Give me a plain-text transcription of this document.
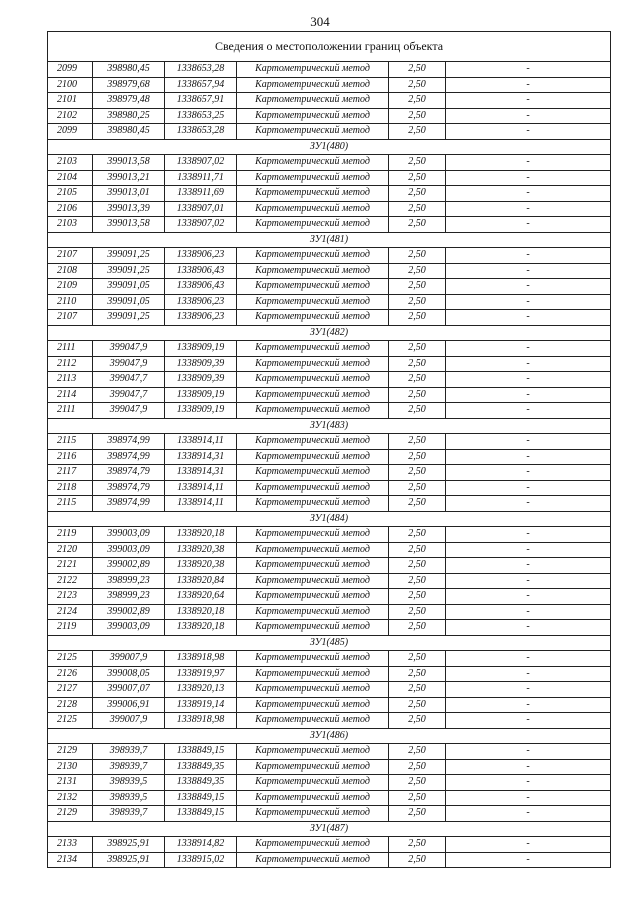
304
Сведения о местоположении границ объекта					
2099	398980,45	1338653,28	Картометрический метод	2,50	-
2100	398979,68	1338657,94	Картометрический метод	2,50	-
2101	398979,48	1338657,91	Картометрический метод	2,50	-
2102	398980,25	1338653,25	Картометрический метод	2,50	-
2099	398980,45	1338653,28	Картометрический метод	2,50	-
ЗУ1(480)					
2103	399013,58	1338907,02	Картометрический метод	2,50	-
2104	399013,21	1338911,71	Картометрический метод	2,50	-
2105	399013,01	1338911,69	Картометрический метод	2,50	-
2106	399013,39	1338907,01	Картометрический метод	2,50	-
2103	399013,58	1338907,02	Картометрический метод	2,50	-
ЗУ1(481)					
2107	399091,25	1338906,23	Картометрический метод	2,50	-
2108	399091,25	1338906,43	Картометрический метод	2,50	-
2109	399091,05	1338906,43	Картометрический метод	2,50	-
2110	399091,05	1338906,23	Картометрический метод	2,50	-
2107	399091,25	1338906,23	Картометрический метод	2,50	-
ЗУ1(482)					
2111	399047,9	1338909,19	Картометрический метод	2,50	-
2112	399047,9	1338909,39	Картометрический метод	2,50	-
2113	399047,7	1338909,39	Картометрический метод	2,50	-
2114	399047,7	1338909,19	Картометрический метод	2,50	-
2111	399047,9	1338909,19	Картометрический метод	2,50	-
ЗУ1(483)					
2115	398974,99	1338914,11	Картометрический метод	2,50	-
2116	398974,99	1338914,31	Картометрический метод	2,50	-
2117	398974,79	1338914,31	Картометрический метод	2,50	-
2118	398974,79	1338914,11	Картометрический метод	2,50	-
2115	398974,99	1338914,11	Картометрический метод	2,50	-
ЗУ1(484)					
2119	399003,09	1338920,18	Картометрический метод	2,50	-
2120	399003,09	1338920,38	Картометрический метод	2,50	-
2121	399002,89	1338920,38	Картометрический метод	2,50	-
2122	398999,23	1338920,84	Картометрический метод	2,50	-
2123	398999,23	1338920,64	Картометрический метод	2,50	-
2124	399002,89	1338920,18	Картометрический метод	2,50	-
2119	399003,09	1338920,18	Картометрический метод	2,50	-
ЗУ1(485)					
2125	399007,9	1338918,98	Картометрический метод	2,50	-
2126	399008,05	1338919,97	Картометрический метод	2,50	-
2127	399007,07	1338920,13	Картометрический метод	2,50	-
2128	399006,91	1338919,14	Картометрический метод	2,50	-
2125	399007,9	1338918,98	Картометрический метод	2,50	-
ЗУ1(486)					
2129	398939,7	1338849,15	Картометрический метод	2,50	-
2130	398939,7	1338849,35	Картометрический метод	2,50	-
2131	398939,5	1338849,35	Картометрический метод	2,50	-
2132	398939,5	1338849,15	Картометрический метод	2,50	-
2129	398939,7	1338849,15	Картометрический метод	2,50	-
ЗУ1(487)					
2133	398925,91	1338914,82	Картометрический метод	2,50	-
2134	398925,91	1338915,02	Картометрический метод	2,50	-
